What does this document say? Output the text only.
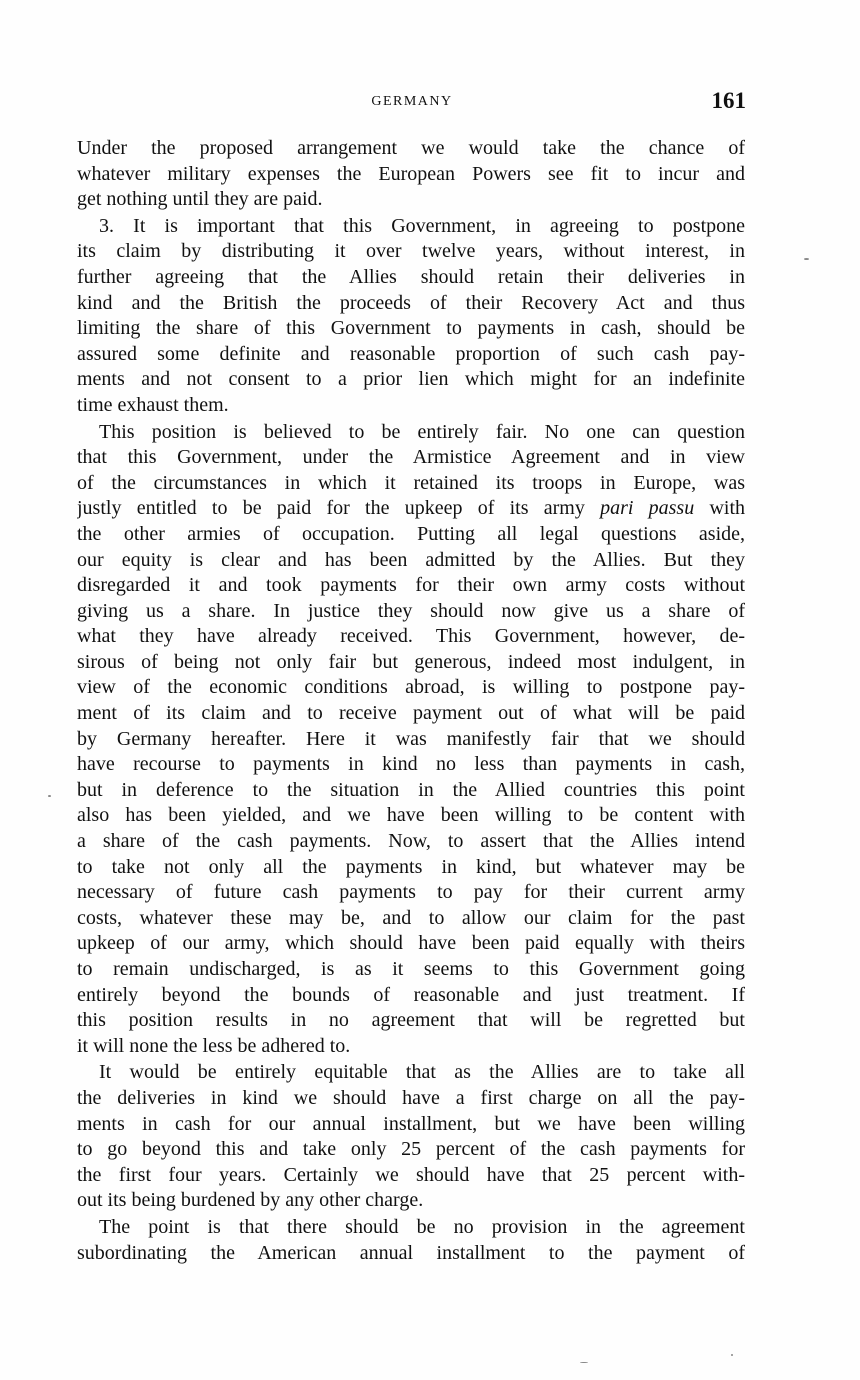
GERMANY	161
Under the proposed arrangement we would take the chance of
whatever military expenses the European Powers see fit to incur and
get nothing until they are paid.
3. It is important that this Government, in agreeing to postpone
its claim by distributing it over twelve years, without interest, in
further agreeing that the Allies should retain their deliveries in
kind and the British the proceeds of their Recovery Act and thus
limiting the share of this Government to payments in cash, should be
assured some definite and reasonable proportion of such cash pay-
ments and not consent to a prior lien which might for an indefinite
time exhaust them.
This position is believed to be entirely fair. No one can question
that this Government, under the Armistice Agreement and in view
of the circumstances in which it retained its troops in Europe, was
justly entitled to be paid for the upkeep of its army pari passu with
the other armies of occupation. Putting all legal questions aside,
our equity is clear and has been admitted by the Allies. But they
disregarded it and took payments for their own army costs without
giving us a share. In justice they should now give us a share of
what they have already received. This Government, however, de-
sirous of being not only fair but generous, indeed most indulgent, in
view of the economic conditions abroad, is willing to postpone pay-
ment of its claim and to receive payment out of what will be paid
by Germany hereafter. Here it was manifestly fair that we should
have recourse to payments in kind no less than payments in cash,
but in deference to the situation in the Allied countries this point
also has been yielded, and we have been willing to be content with
a share of the cash payments. Now, to assert that the Allies intend
to take not only all the payments in kind, but whatever may be
necessary of future cash payments to pay for their current army
costs, whatever these may be, and to allow our claim for the past
upkeep of our army, which should have been paid equally with theirs
to remain undischarged, is as it seems to this Government going
entirely beyond the bounds of reasonable and just treatment. If
this position results in no agreement that will be regretted but
it will none the less be adhered to.
It would be entirely equitable that as the Allies are to take all
the deliveries in kind we should have a first charge on all the pay-
ments in cash for our annual installment, but we have been willing
to go beyond this and take only 25 percent of the cash payments for
the first four years. Certainly we should have that 25 percent with-
out its being burdened by any other charge.
The point is that there should be no provision in the agreement
subordinating the American annual installment to the payment of
